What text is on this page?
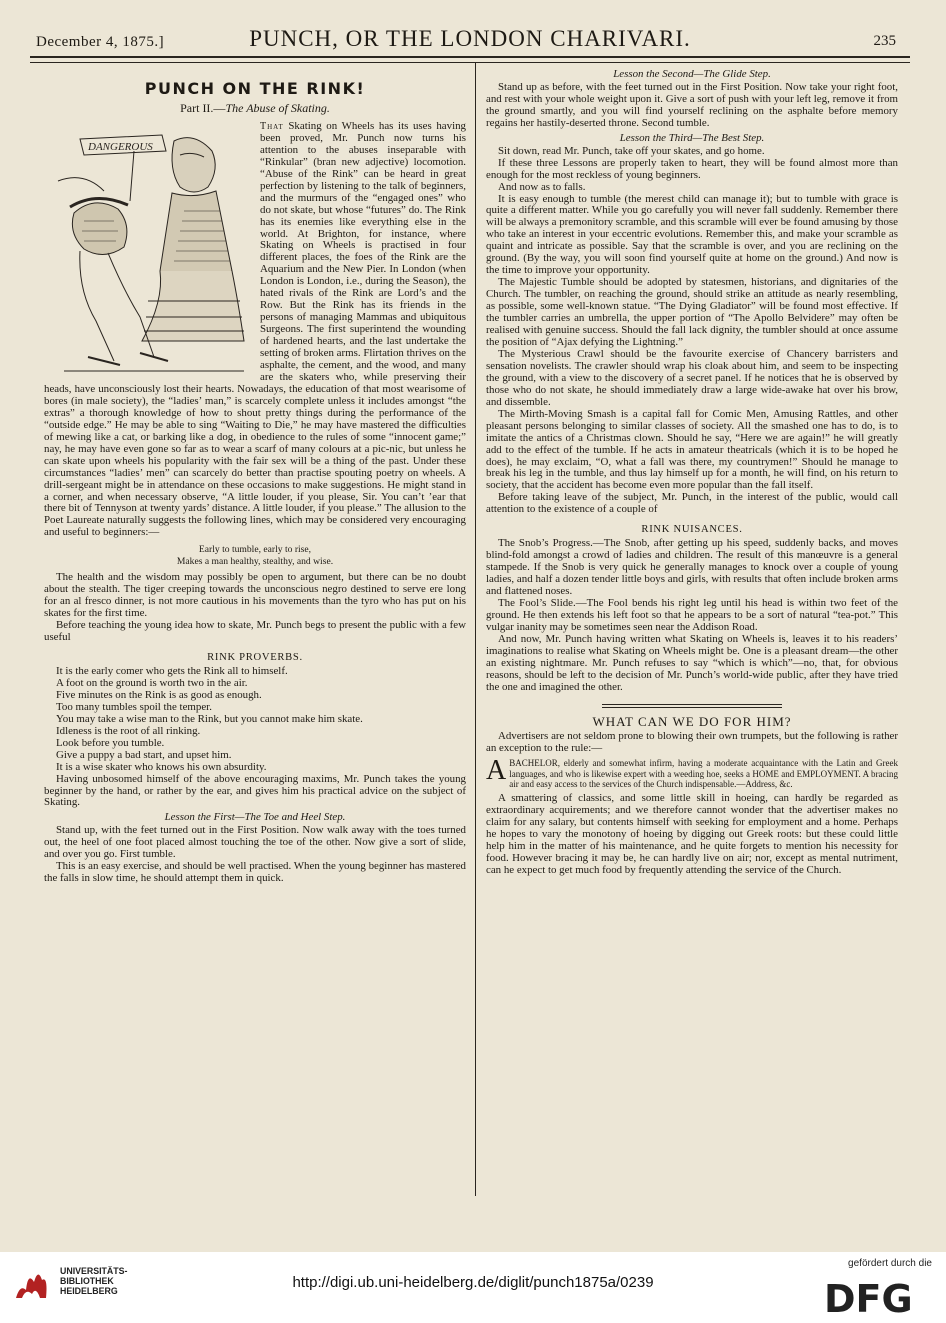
December 4, 1875.]	PUNCH, OR THE LONDON CHARIVARI.	235
PUNCH ON THE RINK!
Part II.—The Abuse of Skating.
DANGEROUS

That Skating on Wheels has its uses having been proved, Mr. Punch now turns his attention to the abuses inseparable with “Rinkular” (bran new adjective) locomotion. “Abuse of the Rink” can be heard in great perfection by listening to the talk of beginners, and the murmurs of the “engaged ones” who do not skate, but whose “futures” do. The Rink has its enemies like everything else in the world. At Brighton, for instance, where Skating on Wheels is practised in four different places, the foes of the Rink are the Aquarium and the New Pier. In London (when London is London, i.e., during the Season), the hated rivals of the Rink are Lord’s and the Row. But the Rink has its friends in the persons of managing Mammas and ubiquitous Surgeons. The first superintend the wounding of hardened hearts, and the last undertake the setting of broken arms. Flirtation thrives on the asphalte, the cement, and the wood, and many are the skaters who, while preserving their heads, have unconsciously lost their hearts. Nowadays, the education of that most wearisome of bores (in male society), the “ladies’ man,” is scarcely complete unless it includes amongst “the extras” a thorough knowledge of how to shout pretty things during the performance of the “outside edge.” He may be able to sing “Waiting to Die,” he may have mastered the difficulties of mewing like a cat, or barking like a dog, in obedience to the rules of some “innocent game;” nay, he may have even gone so far as to wear a scarf of many colours at a pic-nic, but unless he can skate upon wheels his popularity with the fair sex will be a thing of the past. Under these circumstances “ladies’ men” can scarcely do better than practise spouting poetry on wheels. A drill-sergeant might be in attendance on these occasions to make suggestions. He might stand in a corner, and when necessary observe, “A little louder, if you please, Sir. You can’t ’ear that there bit of Tennyson at twenty yards’ distance. A little louder, if you please.” The allusion to the Poet Laureate naturally suggests the following lines, which may be considered very encouraging and useful to beginners:—

Early to tumble, early to rise,
Makes a man healthy, stealthy, and wise.

The health and the wisdom may possibly be open to argument, but there can be no doubt about the stealth. The tiger creeping towards the unconscious negro destined to serve ere long for an al fresco dinner, is not more cautious in his movements than the tyro who has put on his skates for the first time.

Before teaching the young idea how to skate, Mr. Punch begs to present the public with a few useful

RINK PROVERBS.

It is the early comer who gets the Rink all to himself.

A foot on the ground is worth two in the air.

Five minutes on the Rink is as good as enough.

Too many tumbles spoil the temper.

You may take a wise man to the Rink, but you cannot make him skate.

Idleness is the root of all rinking.

Look before you tumble.

Give a puppy a bad start, and upset him.

It is a wise skater who knows his own absurdity.

Having unbosomed himself of the above encouraging maxims, Mr. Punch takes the young beginner by the hand, or rather by the ear, and gives him his practical advice on the subject of Skating.

Lesson the First—The Toe and Heel Step.

Stand up, with the feet turned out in the First Position. Now walk away with the toes turned out, the heel of one foot placed almost touching the toe of the other. Now give a sort of slide, and over you go. First tumble.

This is an easy exercise, and should be well practised. When the young beginner has mastered the falls in slow time, he should attempt them in quick.

Lesson the Second—The Glide Step.

Stand up as before, with the feet turned out in the First Position. Now take your right foot, and rest with your whole weight upon it. Give a sort of push with your left leg, remove it from the ground smartly, and you will find yourself reclining on the asphalte before memory regains her hastily-deserted throne. Second tumble.

Lesson the Third—The Best Step.

Sit down, read Mr. Punch, take off your skates, and go home.

If these three Lessons are properly taken to heart, they will be found almost more than enough for the most reckless of young beginners.

And now as to falls.

It is easy enough to tumble (the merest child can manage it); but to tumble with grace is quite a different matter. While you go carefully you will never fall suddenly. Remember there will be always a premonitory scramble, and this scramble will ever be found amusing by those who take an interest in your eccentric evolutions. Remember this, and make your scramble as quaint and intricate as possible. Say that the scramble is over, and you are reclining on the ground. (By the way, you will soon find yourself quite at home on the ground.) And now is the time to improve your opportunity.

The Majestic Tumble should be adopted by statesmen, historians, and dignitaries of the Church. The tumbler, on reaching the ground, should strike an attitude as nearly resembling, as possible, some well-known statue. “The Dying Gladiator” will be found most effective. If the tumbler carries an umbrella, the upper portion of “The Apollo Belvidere” may often be realised with genuine success. Should the fall lack dignity, the tumbler should at once assume the position of “Ajax defying the Lightning.”

The Mysterious Crawl should be the favourite exercise of Chancery barristers and sensation novelists. The crawler should wrap his cloak about him, and seem to be inspecting the ground, with a view to the discovery of a secret panel. If he notices that he is observed by those who do not skate, he should immediately draw a large wide-awake hat over his brow, and dissemble.

The Mirth-Moving Smash is a capital fall for Comic Men, Amusing Rattles, and other pleasant persons belonging to similar classes of society. All the smashed one has to do, is to imitate the antics of a Christmas clown. Should he say, “Here we are again!” he will greatly add to the effect of the tumble. If he acts in amateur theatricals (which it is to be hoped he does), he may exclaim, “O, what a fall was there, my countrymen!” Should he manage to break his leg in the tumble, and thus lay himself up for a month, he will find, on his return to society, that the accident has become even more popular than the fall itself.

Before taking leave of the subject, Mr. Punch, in the interest of the public, would call attention to the existence of a couple of

RINK NUISANCES.

The Snob’s Progress.—The Snob, after getting up his speed, suddenly backs, and moves blind-fold amongst a crowd of ladies and children. The result of this manœuvre is a general stampede. If the Snob is very quick he generally manages to knock over a couple of young ladies, and half a dozen tender little boys and girls, with results that often include broken arms and flattened noses.

The Fool’s Slide.—The Fool bends his right leg until his head is within two feet of the ground. He then extends his left foot so that he appears to be a sort of natural “tea-pot.” This vulgar inanity may be sometimes seen near the Addison Road.

And now, Mr. Punch having written what Skating on Wheels is, leaves it to his readers’ imaginations to realise what Skating on Wheels might be. One is a pleasant dream—the other an existing nightmare. Mr. Punch refuses to say “which is which”—no, that, for obvious reasons, should be left to the decision of Mr. Punch’s world-wide public, after they have tried the one and imagined the other.

WHAT CAN WE DO FOR HIM?

Advertisers are not seldom prone to blowing their own trumpets, but the following is rather an exception to the rule:—

ABACHELOR, elderly and somewhat infirm, having a moderate acquaintance with the Latin and Greek languages, and who is likewise expert with a weeding hoe, seeks a HOME and EMPLOYMENT. A bracing air and easy access to the services of the Church indispensable.—Address, &c.

A smattering of classics, and some little skill in hoeing, can hardly be regarded as extraordinary acquirements; and we therefore cannot wonder that the advertiser makes no claim for any salary, but contents himself with seeking for employment and a home. Perhaps he hopes to vary the monotony of hoeing by digging out Greek roots: but these could little help him in the matter of his maintenance, and he quite forgets to mention his necessity for food. However bracing it may be, he can hardly live on air; nor, except as mental nutriment, can he expect to get much food by frequently attending the service of the Church.

UNIVERSITÄTS-
BIBLIOTHEK
HEIDELBERG	http://digi.ub.uni-heidelberg.de/diglit/punch1875a/0239
gefördert durch die
DFG
